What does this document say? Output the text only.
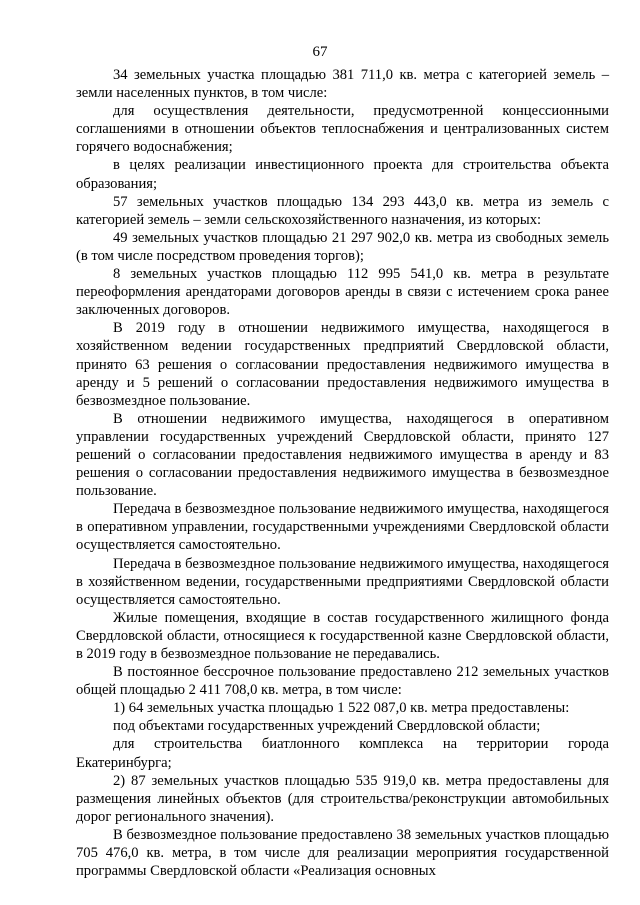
67

34 земельных участка площадью 381 711,0 кв. метра с категорией земель – земли населенных пунктов, в том числе:

для осуществления деятельности, предусмотренной концессионными соглашениями в отношении объектов теплоснабжения и централизованных систем горячего водоснабжения;

в целях реализации инвестиционного проекта для строительства объекта образования;

57 земельных участков площадью 134 293 443,0 кв. метра из земель с категорией земель – земли сельскохозяйственного назначения, из которых:

49 земельных участков площадью 21 297 902,0 кв. метра из свободных земель (в том числе посредством проведения торгов);

8 земельных участков площадью 112 995 541,0 кв. метра в результате переоформления арендаторами договоров аренды в связи с истечением срока ранее заключенных договоров.

В 2019 году в отношении недвижимого имущества, находящегося в хозяйственном ведении государственных предприятий Свердловской области, принято 63 решения о согласовании предоставления недвижимого имущества в аренду и 5 решений о согласовании предоставления недвижимого имущества в безвозмездное пользование.

В отношении недвижимого имущества, находящегося в оперативном управлении государственных учреждений Свердловской области, принято 127 решений о согласовании предоставления недвижимого имущества в аренду и 83 решения о согласовании предоставления недвижимого имущества в безвозмездное пользование.

Передача в безвозмездное пользование недвижимого имущества, находящегося в оперативном управлении, государственными учреждениями Свердловской области осуществляется самостоятельно.

Передача в безвозмездное пользование недвижимого имущества, находящегося в хозяйственном ведении, государственными предприятиями Свердловской области осуществляется самостоятельно.

Жилые помещения, входящие в состав государственного жилищного фонда Свердловской области, относящиеся к государственной казне Свердловской области, в 2019 году в безвозмездное пользование не передавались.

В постоянное бессрочное пользование предоставлено 212 земельных участков общей площадью 2 411 708,0 кв. метра, в том числе:

1) 64 земельных участка площадью 1 522 087,0 кв. метра предоставлены:

под объектами государственных учреждений Свердловской области;

для строительства биатлонного комплекса на территории города Екатеринбурга;

2) 87 земельных участков площадью 535 919,0 кв. метра предоставлены для размещения линейных объектов (для строительства/реконструкции автомобильных дорог регионального значения).

В безвозмездное пользование предоставлено 38 земельных участков площадью 705 476,0 кв. метра, в том числе для реализации мероприятия государственной программы Свердловской области «Реализация основных
